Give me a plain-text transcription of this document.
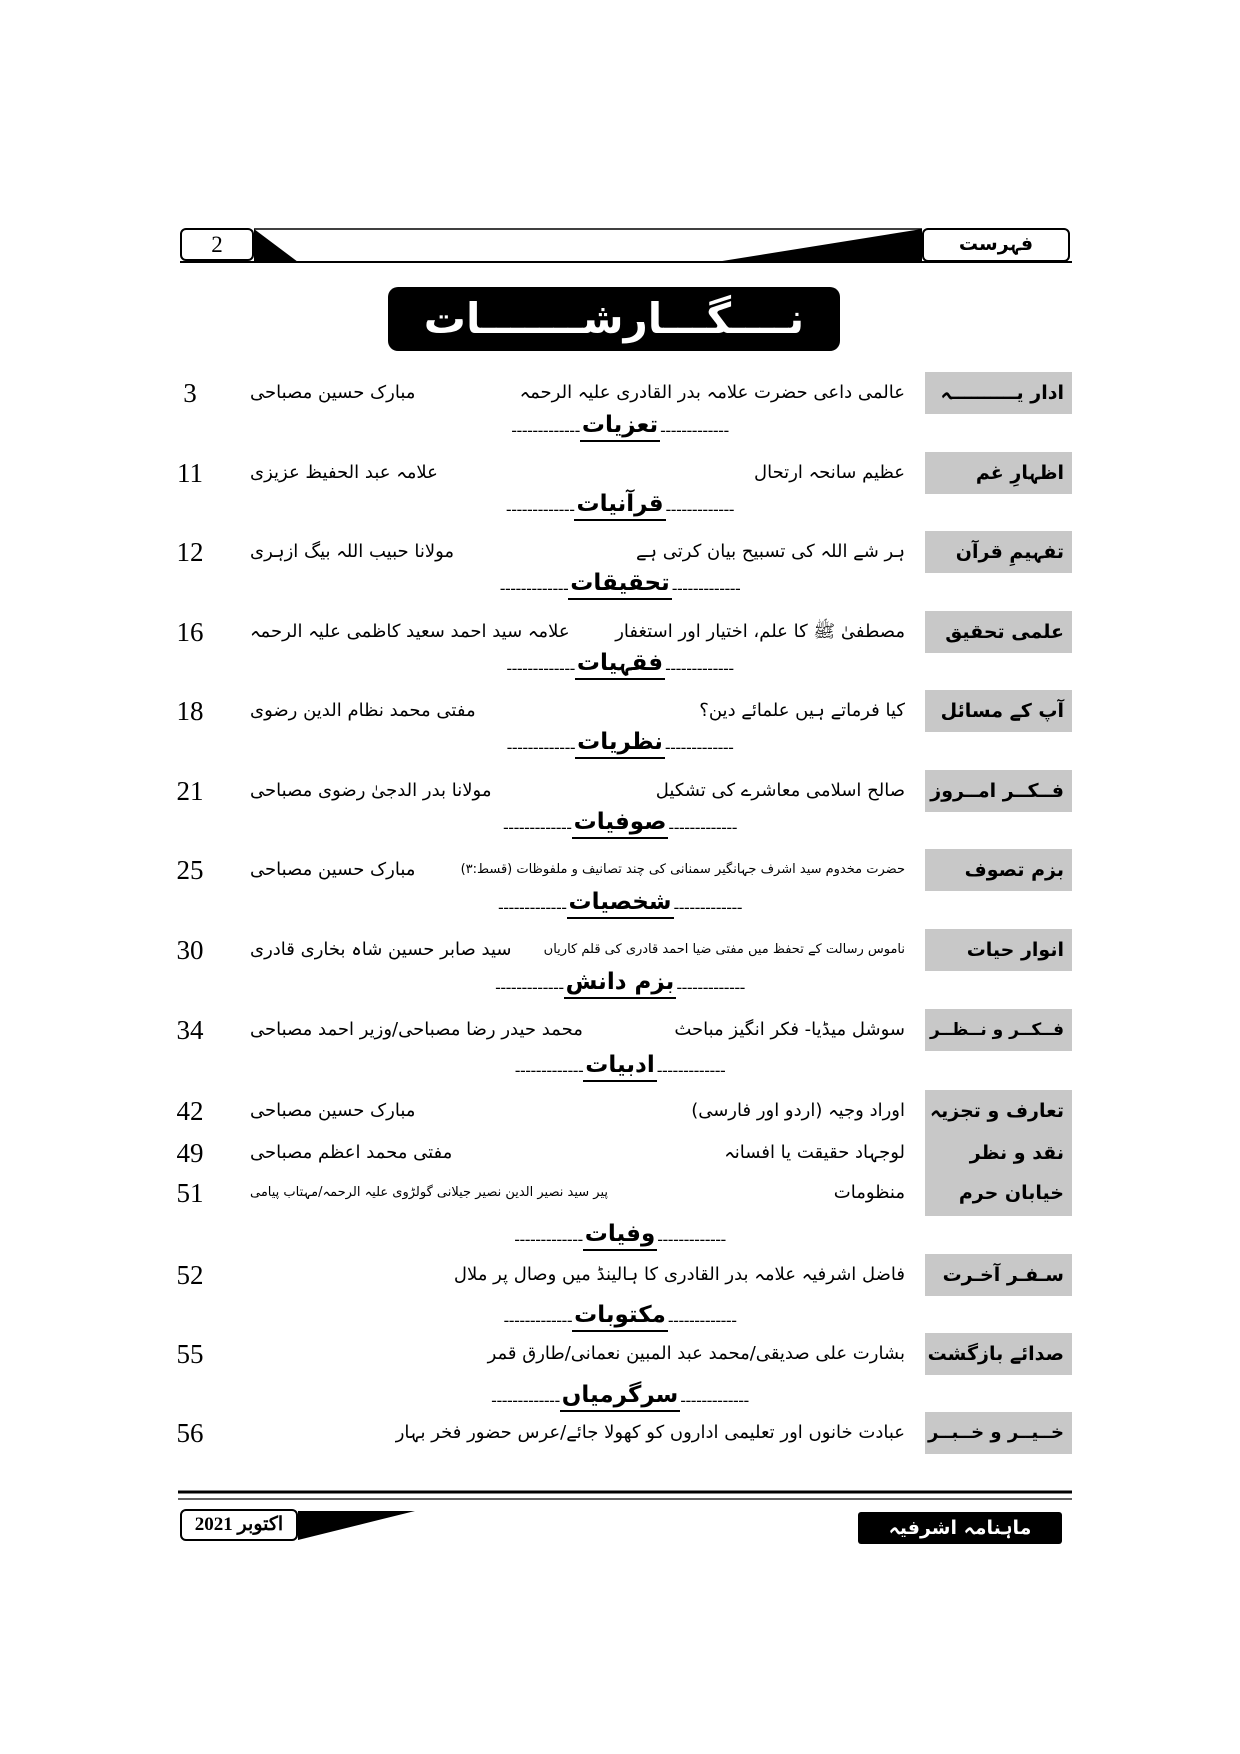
فہرست
2
نــــگـــارشـــــــات
اکتوبر 2021	ماہنامہ اشرفیہ
ادار یــــــــــہ
عالمی داعی حضرت علامہ بدر القادری علیہ الرحمہ
مبارک حسین مصباحی
3
اظہارِ غم
عظیم سانحہ ارتحال
علامہ عبد الحفیظ عزیزی
11
تفہیمِ قرآن
ہر شے اللہ کی تسبیح بیان کرتی ہے
مولانا حبیب اللہ بیگ ازہری
12
علمی تحقیق
مصطفیٰ ﷺ کا علم، اختیار اور استغفار
علامہ سید احمد سعید کاظمی علیہ الرحمہ
16
آپ کے مسائل
کیا فرماتے ہیں علمائے دین؟
مفتی محمد نظام الدین رضوی
18
فــکــر امــروز
صالح اسلامی معاشرے کی تشکیل
مولانا بدر الدجیٰ رضوی مصباحی
21
بزم تصوف
حضرت مخدوم سید اشرف جہانگیر سمنانی کی چند تصانیف و ملفوظات (قسط:۳)
مبارک حسین مصباحی
25
انوار حیات
ناموس رسالت کے تحفظ میں مفتی ضیا احمد قادری کی قلم کاریاں
سید صابر حسین شاہ بخاری قادری
30
فــکــر و نــظــر
سوشل میڈیا- فکر انگیز مباحث
محمد حیدر رضا مصباحی/وزیر احمد مصباحی
34
تعارف و تجزیہ
اوراد وجیہ (اردو اور فارسی)
مبارک حسین مصباحی
42
نقد و نظر
لوجہاد حقیقت یا افسانہ
مفتی محمد اعظم مصباحی
49
خیابان حرم
منظومات
پیر سید نصیر الدین نصیر جیلانی گولڑوی علیہ الرحمہ/مہتاب پیامی
51
سـفـر آخـرت
فاضل اشرفیہ علامہ بدر القادری کا ہالینڈ میں وصال پر ملال
52
صدائے بازگشت
بشارت علی صدیقی/محمد عبد المبین نعمانی/طارق قمر
55
خــیــر و خــبــر
عبادت خانوں اور تعلیمی اداروں کو کھولا جائے/عرس حضور فخر بہار
56
-------------تعزیات-------------
-------------قرآنیات-------------
-------------تحقیقات-------------
-------------فقہیات-------------
-------------نظریات-------------
-------------صوفیات-------------
-------------شخصیات-------------
-------------بزم دانش-------------
-------------ادبیات-------------
-------------وفیات-------------
-------------مکتوبات-------------
-------------سرگرمیاں-------------
